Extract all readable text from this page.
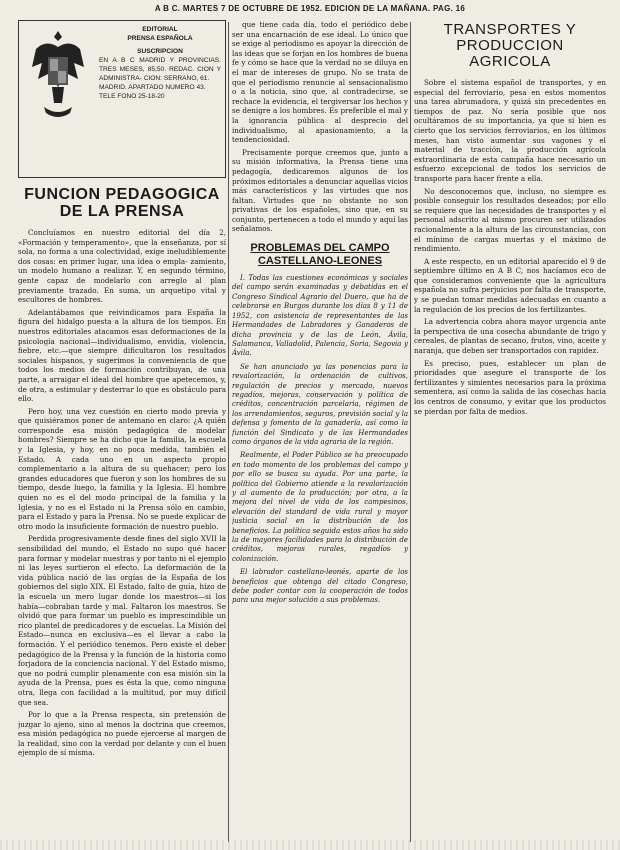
A B C. MARTES 7 DE OCTUBRE DE 1952. EDICION DE LA MAÑANA. PAG. 16
EDITORIAL
PRENSA ESPAÑOLA
SUSCRIPCION
EN A B C MADRID Y PROVINCIAS. TRES MESES, 85,50. REDAC. CION Y ADMINISTRA- CION: SERRANO, 61.
MADRID. APARTADO NUMERO 43. TELE FONO 25-18-20
FUNCION PEDAGOGICA DE LA PRENSA

Concluíamos en nuestro editorial del día 2, «Formación y temperamento», que la enseñanza, por sí sola, no forma a una colectividad, exige ineludiblemente dos cosas: en primer lugar, una idea o empla- zamiento, un modelo humano a realizar. Y, en segundo término, gente capaz de modelarlo con arreglo al plan previamente trazado. En suma, un arquetipo vital y escultores de hombres.

Adelantábamos que reivindicamos para España la figura del hidalgo puesta a la altura de los tiempos. En nuestros editoriales atacamos esas deformaciones de la psicología nacional—individualismo, envidia, violencia, fiebre, etc.—que siempre dificultaron los resultados sociales hispanos, y sugerimos la conveniencia de que todos los medios de formación contribuyan, de una parte, a arraigar el ideal del hombre que apetecemos, y, de otra, a estimular y desterrar lo que es obstáculo para ello.

Pero hoy, una vez cuestión en cierto modo previa y que quisiéramos poner de antemano en claro: ¿A quién corresponde esa misión pedagógica de modelar hombres? Siempre se ha dicho que la familia, la escuela y la Iglesia, y hoy, en no poca medida, también el Estado. A cada uno en un aspecto propio complementario a la altura de su quehacer; pero los grandes educadores que fueron y son los hombres de su tiempo, desde luego, la familia y la Iglesia. El hombre quien no es el del modo principal de la familia y la Iglesia, y no es el Estado ni la Prensa sólo en cambio, para el Estado y para la Prensa. No se puede explicar de otro modo la insuficiente formación de nuestro pueblo.

Perdida progresivamente desde fines del siglo XVII la sensibilidad del mundo, el Estado no supo qué hacer para formar y modelar nuestras y por tanto ni el ejemplo ni las leyes surtieron el efecto. La deformación de la vida pública nació de las orgías de la España de los gobiernos del siglo XIX. El Estado, falto de guía, hizo de la escuela un mero lugar donde los maestros—si los había—cobraban tarde y mal. Faltaron los maestros. Se olvidó que para formar un pueblo es imprescindible un rico plantel de predicadores y de escuelas. La Misión del Estado—nunca en exclusiva—es el llevar a cabo la formación. Y el periódico tenemos. Pero existe el deber pedagógico de la Prensa y la función de la historia como forjadora de la conciencia nacional. Y del Estado mismo, que no podrá cumplir plenamente con esa misión sin la ayuda de la Prensa, pues es ésta la que, como ninguna otra, llega con facilidad a la multitud, por muy difícil que sea.

Por lo que a la Prensa respecta, sin pretensión de juzgar lo ajeno, sino al menos la doctrina que creemos, esa misión pedagógica no puede ejercerse al margen de la realidad, sino con la verdad por delante y con el buen ejemplo de sí misma.

que tiene cada día, todo el periódico debe ser una encarnación de ese ideal. Lo único que se exige al periodismo es apoyar la dirección de las ideas que se forjan en los hombres de buena fe y cómo se hace que la verdad no se diluya en el mar de intereses de grupo. No se trata de que el periodismo renuncie al sensacionalismo o a la noticia, sino que, al contradecirse, se rechace la evidencia, el tergiversar los hechos y se denigre a los hombres. Es preferible el mal y la ignorancia pública al desprecio del individualismo, al apasionamiento, a la tendenciosidad.

Precisamente porque creemos que, junto a su misión informativa, la Prensa tiene una pedagogía, dedicaremos algunos de los próximos editoriales a denunciar aquellas vicios más característicos y las virtudes que nos faltan. Virtudes que no obstante no son privativas de los españoles, sino que, en su conjunto, pertenecen a todo el mundo y aquí las señalamos.

PROBLEMAS DEL CAMPO CASTELLANO-LEONES

I. Todas las cuestiones económicas y sociales del campo serán examinadas y debatidas en el Congreso Sindical Agrario del Duero, que ha de celebrarse en Burgos durante los días 8 y 11 de 1952, con asistencia de representantes de las Hermandades de Labradores y Ganaderos de dicha provincia y de las de León, Ávila, Salamanca, Valladolid, Palencia, Soria, Segovia y Ávila.

Se han anunciado ya las ponencias para la revalorización, la ordenación de cultivos, regulación de precios y mercado, nuevos regadíos, mejoras, conservación y política de créditos, concentración parcelaria, régimen de los arrendamientos, seguros, previsión social y la defensa y fomento de la ganadería, así como la función del Sindicato y de las Hermandades como órganos de la vida agraria de la región.

Realmente, el Poder Público se ha preocupado en todo momento de los problemas del campo y por ello se busca su ayuda. Por una parte, la política del Gobierno atiende a la revalorización y al aumento de la producción; por otra, a la mejora del nivel de vida de los campesinos, elevación del standard de vida rural y mayor justicia social en la distribución de los beneficios. La política seguida estos años ha sido la de mayores facilidades para la distribución de créditos, mejoras rurales, regadíos y colonización.

El labrador castellano-leonés, aparte de los beneficios que obtenga del citado Congreso, debe poder contar con la cooperación de todos para una mejor solución a sus problemas.

TRANSPORTES Y PRODUCCION AGRICOLA

Sobre el sistema español de transportes, y en especial del ferroviario, pesa en estos momentos una tarea abrumadora, y quizá sin precedentes en tiempos de paz. No sería posible que nos ocultáramos de su importancia, ya que si bien es cierto que los servicios ferroviarios, en los últimos meses, han visto aumentar sus vagones y el material de tracción, la producción agrícola extraordinaria de esta campaña hace necesario un esfuerzo excepcional de todos los servicios de transporte para hacer frente a ella.

No desconocemos que, incluso, no siempre es posible conseguir los resultados deseados; por ello se requiere que las necesidades de transportes y el personal adscrito al mismo procuren ser utilizados racionalmente a la altura de las circunstancias, con el mínimo de cargas muertas y el máximo de rendimiento.

A este respecto, en un editorial aparecido el 9 de septiembre último en A B C, nos hacíamos eco de que consideramos conveniente que la agricultura española no sufra perjuicios por falta de transporte, y se puedan tomar medidas adecuadas en cuanto a la regulación de los precios de los fertilizantes.

La advertencia cobra ahora mayor urgencia ante la perspectiva de una cosecha abundante de trigo y cereales, de plantas de secano, frutos, vino, aceite y naranja, que deben ser transportados con rapidez.

Es preciso, pues, establecer un plan de prioridades que asegure el transporte de los fertilizantes y simientes necesarios para la próxima sementera, así como la salida de las cosechas hacia los centros de consumo, y evitar que los productos se pierdan por falta de medios.
